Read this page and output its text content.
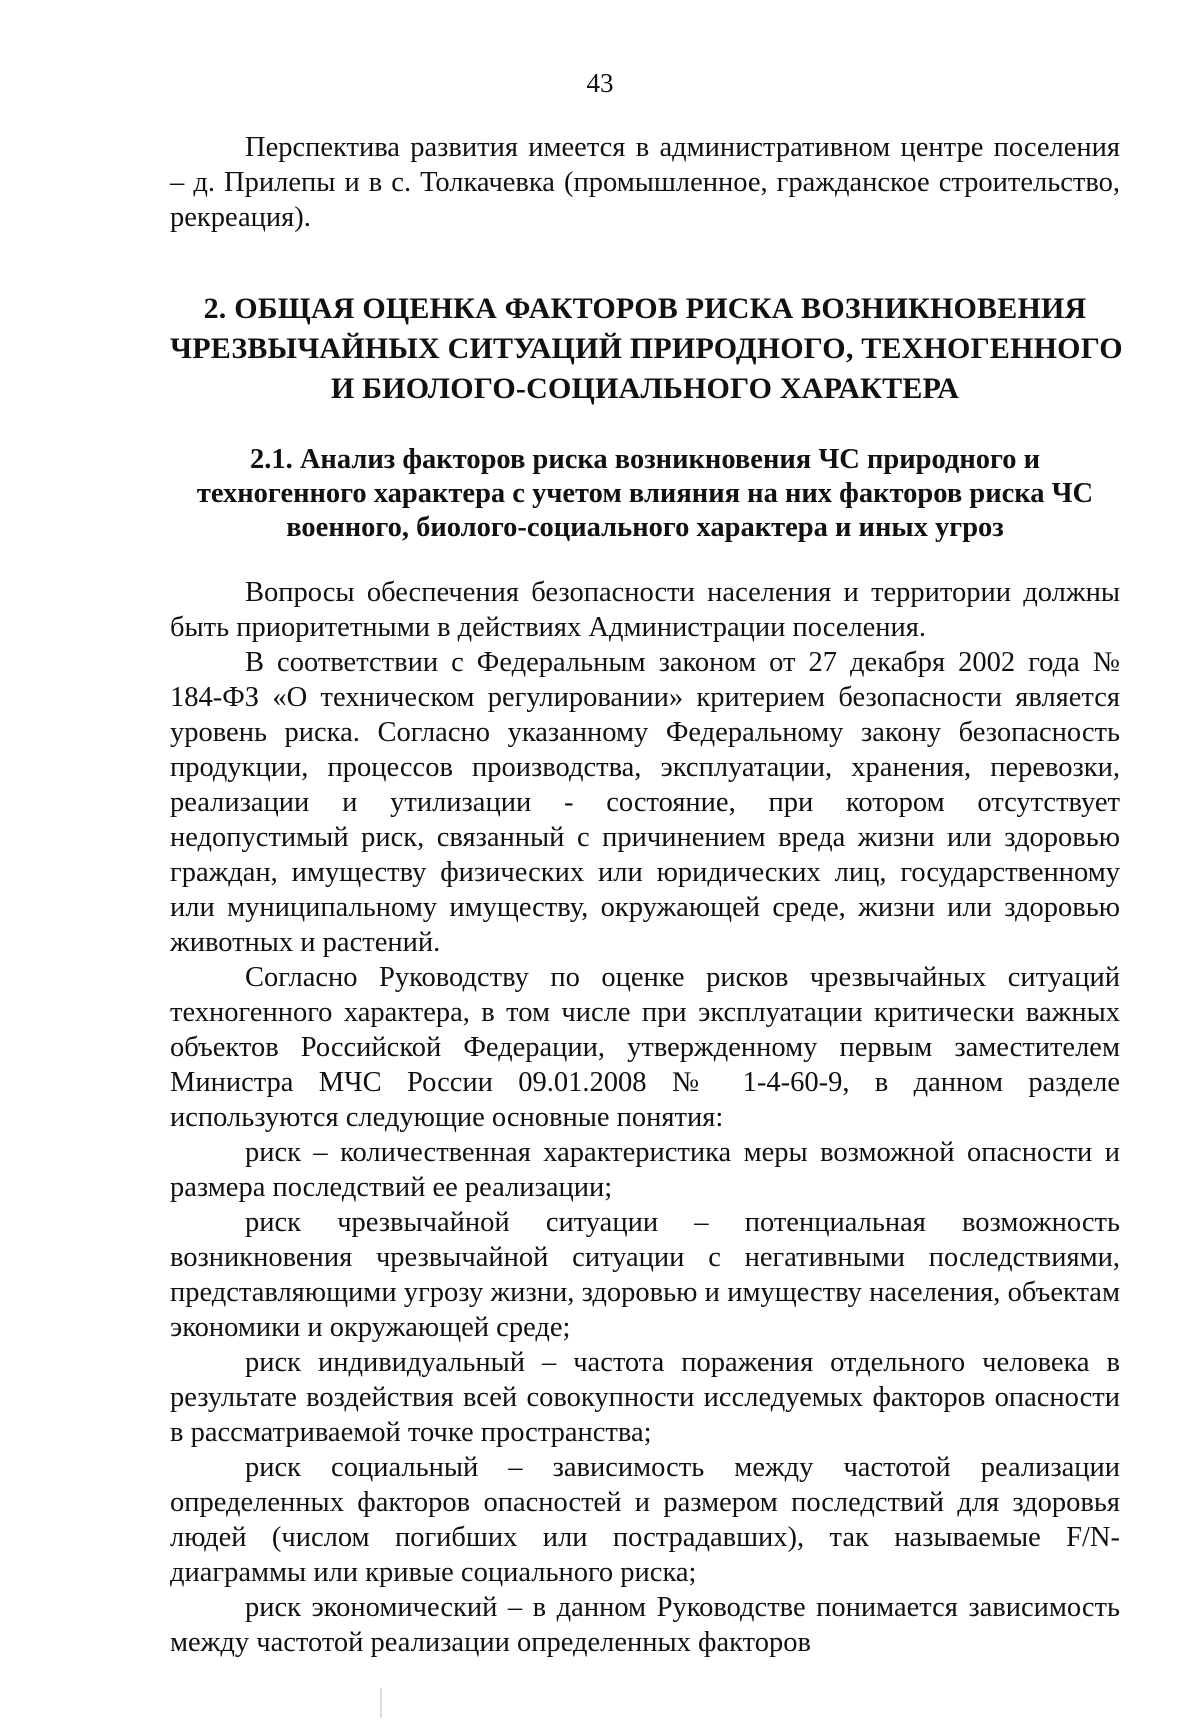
43

Перспектива развития имеется в административном центре поселения – д. Прилепы и в с. Толкачевка (промышленное, гражданское строительство, рекреация).

2. ОБЩАЯ ОЦЕНКА ФАКТОРОВ РИСКА ВОЗНИКНОВЕНИЯ
ЧРЕЗВЫЧАЙНЫХ СИТУАЦИЙ ПРИРОДНОГО, ТЕХНОГЕННОГО
И БИОЛОГО-СОЦИАЛЬНОГО ХАРАКТЕРА
2.1. Анализ факторов риска возникновения ЧС природного и
техногенного характера с учетом влияния на них факторов риска ЧС
военного, биолого-социального характера и иных угроз

Вопросы обеспечения безопасности населения и территории должны быть приоритетными в действиях Администрации поселения.

В соответствии с Федеральным законом от 27 декабря 2002 года № 184-ФЗ «О техническом регулировании» критерием безопасности является уровень риска. Согласно указанному Федеральному закону безопасность продукции, процессов производства, эксплуатации, хранения, перевозки, реализации и утилизации - состояние, при котором отсутствует недопустимый риск, связанный с причинением вреда жизни или здоровью граждан, имуществу физических или юридических лиц, государственному или муниципальному имуществу, окружающей среде, жизни или здоровью животных и растений.

Согласно Руководству по оценке рисков чрезвычайных ситуаций техногенного характера, в том числе при эксплуатации критически важных объектов Российской Федерации, утвержденному первым заместителем Министра МЧС России 09.01.2008 № 1-4-60-9, в данном разделе используются следующие основные понятия:

риск – количественная характеристика меры возможной опасности и размера последствий ее реализации;

риск чрезвычайной ситуации – потенциальная возможность возникновения чрезвычайной ситуации с негативными последствиями, представляющими угрозу жизни, здоровью и имуществу населения, объектам экономики и окружающей среде;

риск индивидуальный – частота поражения отдельного человека в результате воздействия всей совокупности исследуемых факторов опасности в рассматриваемой точке пространства;

риск социальный – зависимость между частотой реализации определенных факторов опасностей и размером последствий для здоровья людей (числом погибших или пострадавших), так называемые F/N-диаграммы или кривые социального риска;

риск экономический – в данном Руководстве понимается зависимость между частотой реализации определенных факторов
